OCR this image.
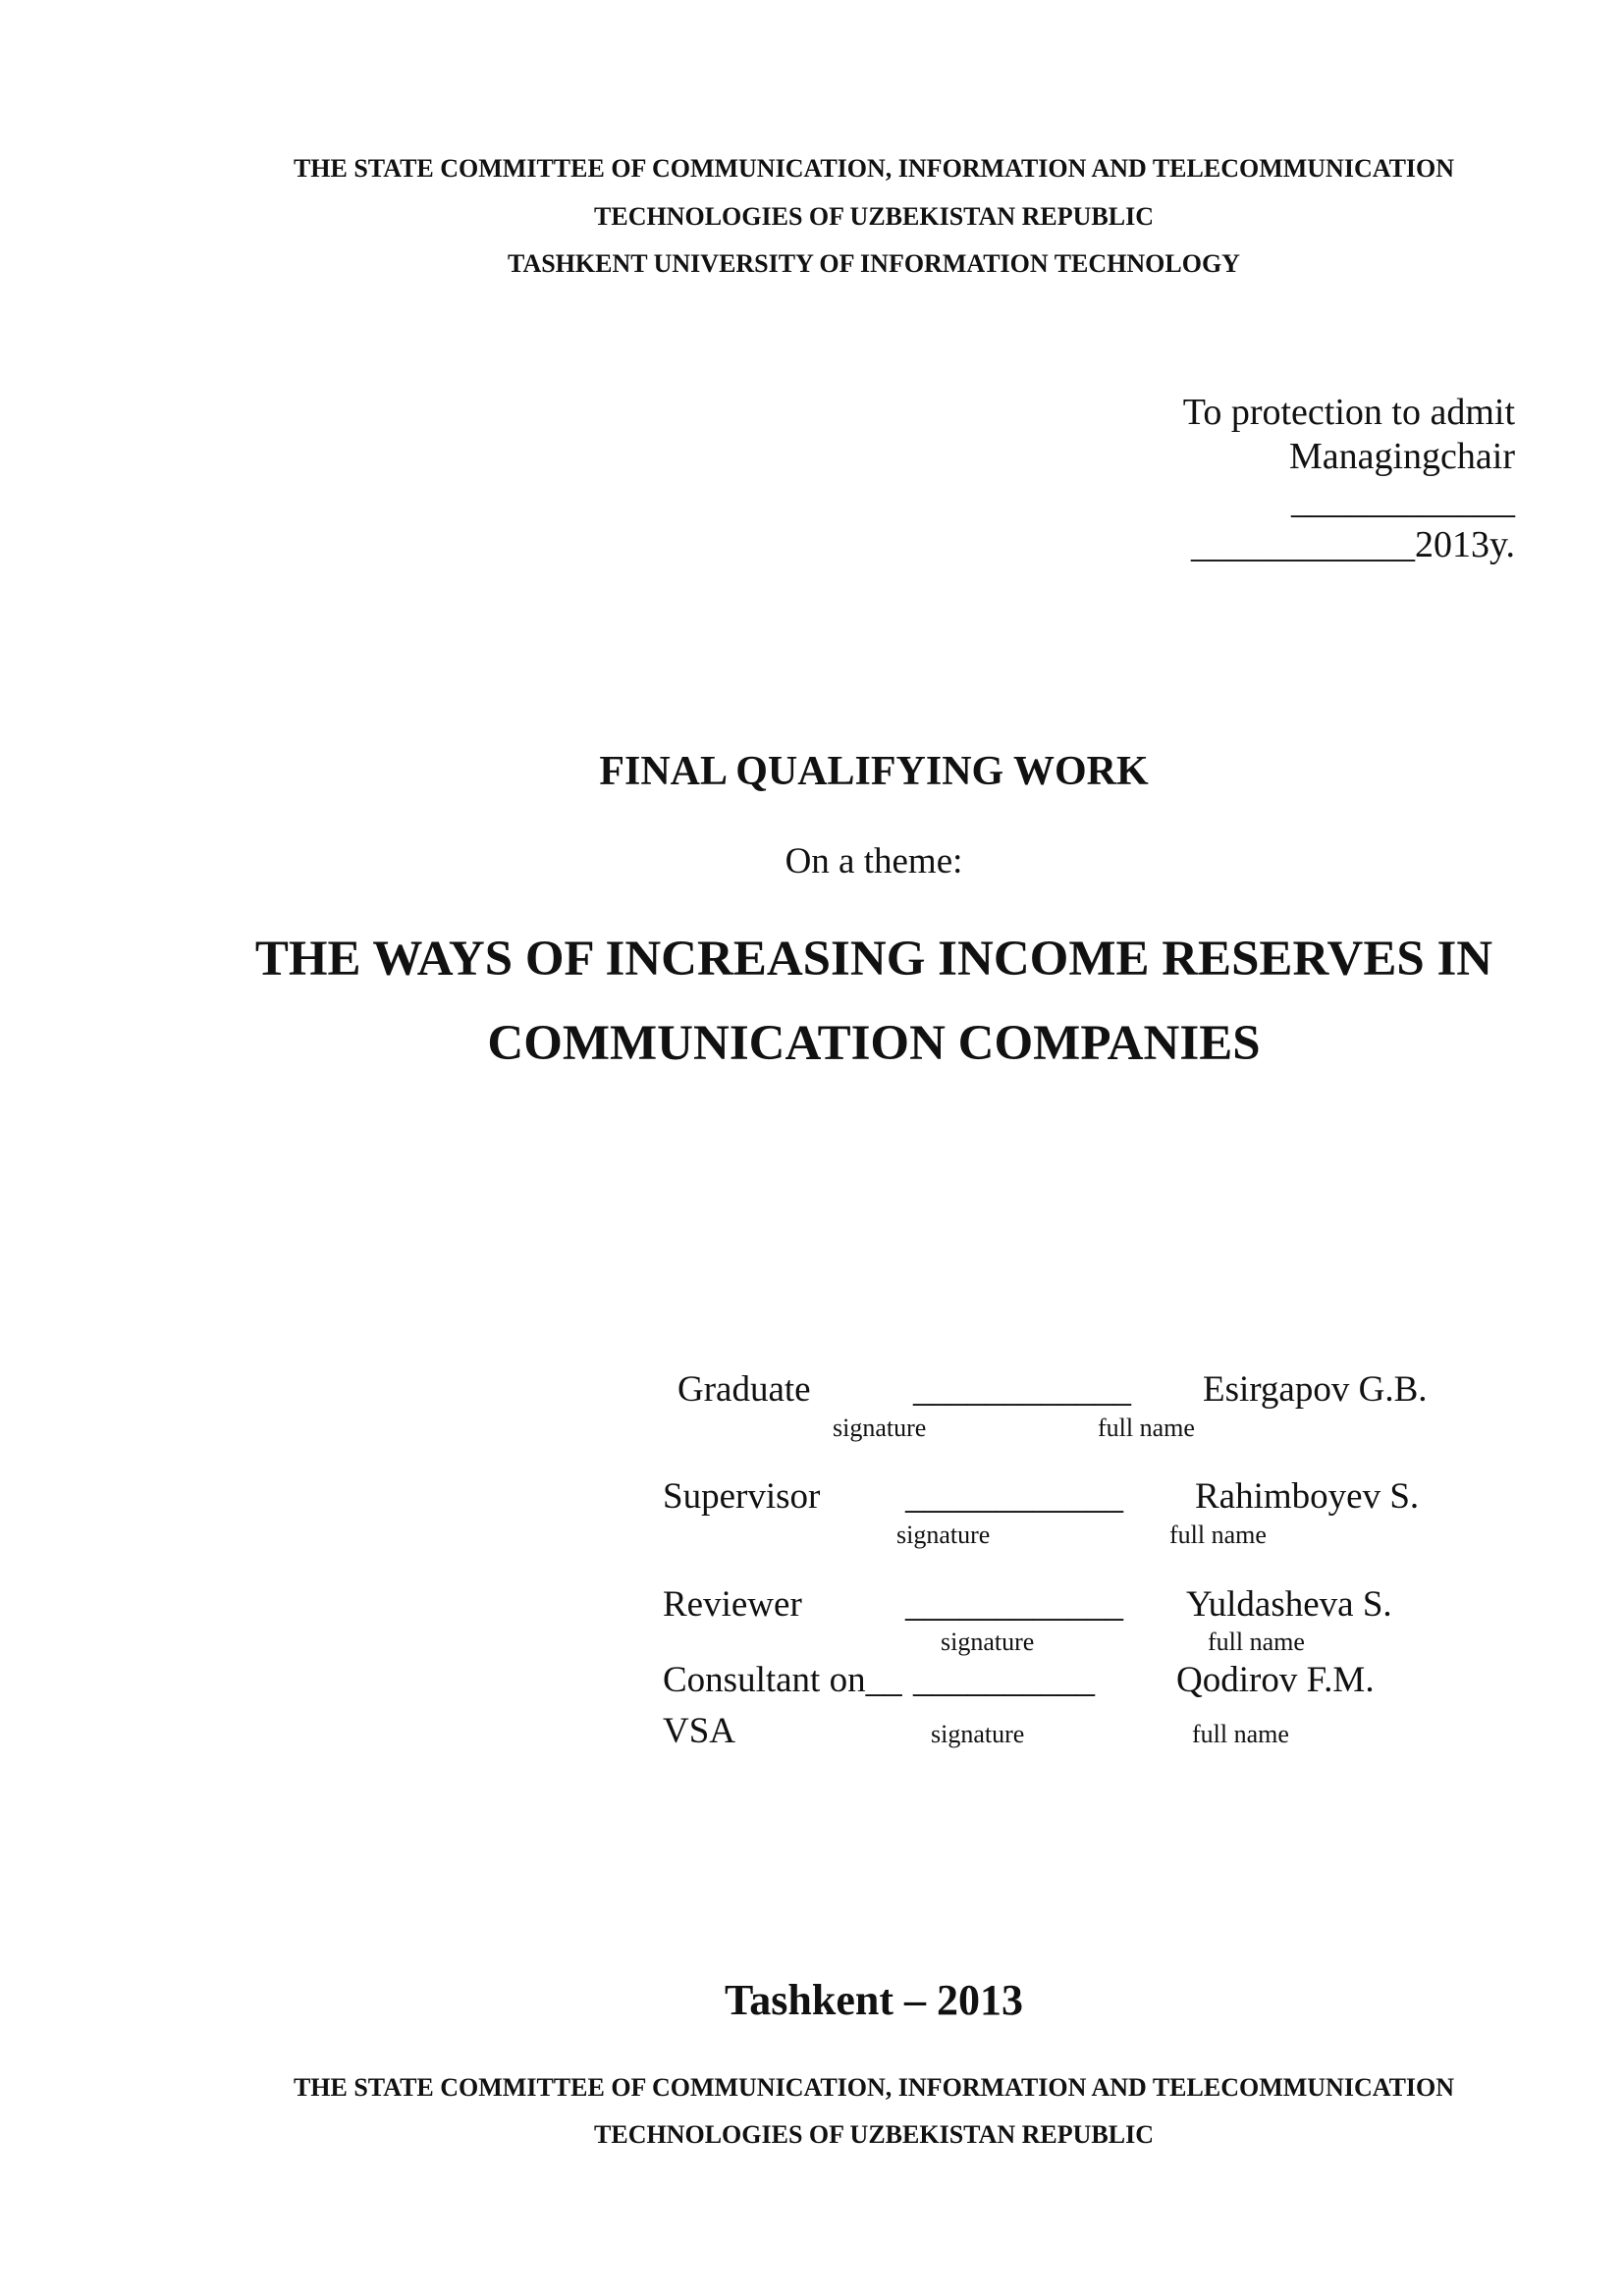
THE STATE COMMITTEE OF COMMUNICATION, INFORMATION AND TELECOMMUNICATION
TECHNOLOGIES OF UZBEKISTAN REPUBLIC
TASHKENT UNIVERSITY OF INFORMATION TECHNOLOGY
To protection to admit
Managingchair
____________
____________2013y.
FINAL QUALIFYING WORK
On a theme:
THE WAYS OF INCREASING INCOME RESERVES IN
COMMUNICATION COMPANIES
Graduate	____________ Esirgapov G.B.
signature	full name
Supervisor ____________ Rahimboyev S.
signature	full name
Reviewer	____________ Yuldasheva S.
signature	full name
Consultant on__ __________ Qodirov F.M.
VSA	signature	full name
Tashkent – 2013
THE STATE COMMITTEE OF COMMUNICATION, INFORMATION AND TELECOMMUNICATION
TECHNOLOGIES OF UZBEKISTAN REPUBLIC
